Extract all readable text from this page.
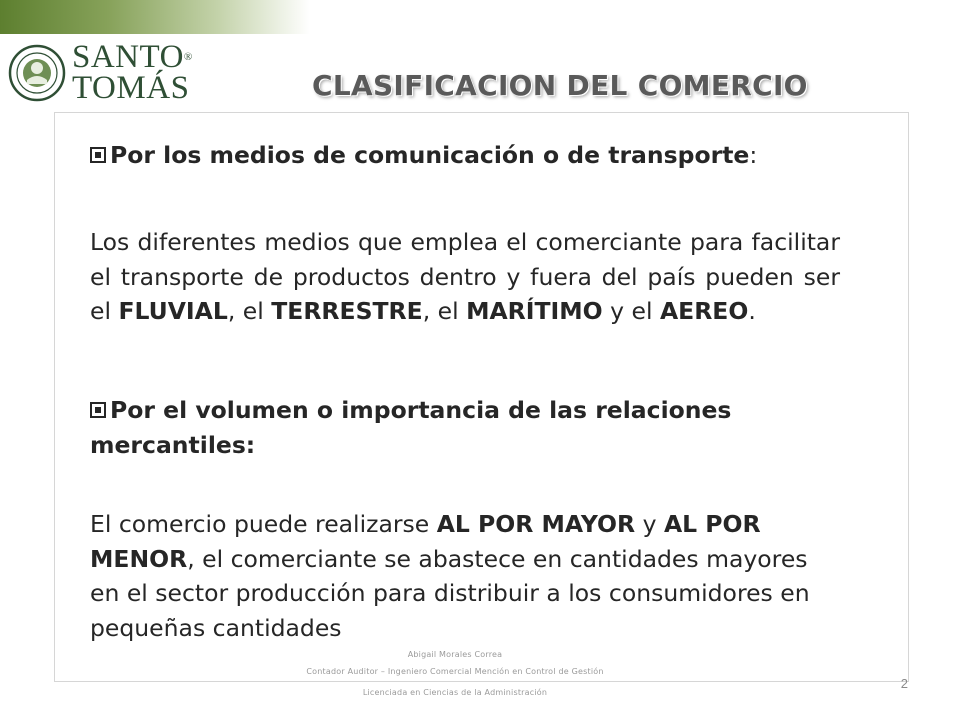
SANTO®
TOMÁS	CLASIFICACION DEL COMERCIO
Por los medios de comunicación o de transporte:
Los diferentes medios que emplea el comerciante para facilitar el transporte de productos dentro y fuera del país pueden ser el FLUVIAL, el TERRESTRE, el MARÍTIMO y el AEREO.
Por el volumen o importancia de las relaciones
mercantiles:
El comercio puede realizarse AL POR MAYOR y AL POR MENOR, el comerciante se abastece en cantidades mayores en el sector producción para distribuir a los consumidores en pequeñas cantidades
Abigail Morales Correa
Contador Auditor – Ingeniero Comercial Mención en Control de Gestión
Licenciada en Ciencias de la Administración
2
